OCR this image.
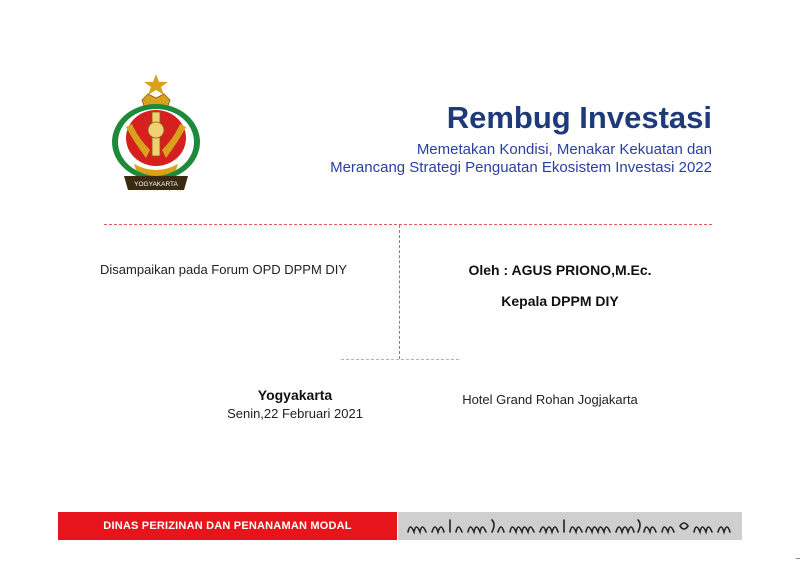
YOGYAKARTA
Rembug Investasi
Memetakan Kondisi, Menakar Kekuatan dan
Merancang Strategi Penguatan Ekosistem Investasi 2022
Disampaikan pada Forum OPD DPPM DIY	Oleh : AGUS PRIONO,M.Ec.
Kepala DPPM DIY
Yogyakarta
Senin,22 Februari 2021
Hotel Grand Rohan Jogjakarta
DINAS PERIZINAN DAN PENANAMAN MODAL
